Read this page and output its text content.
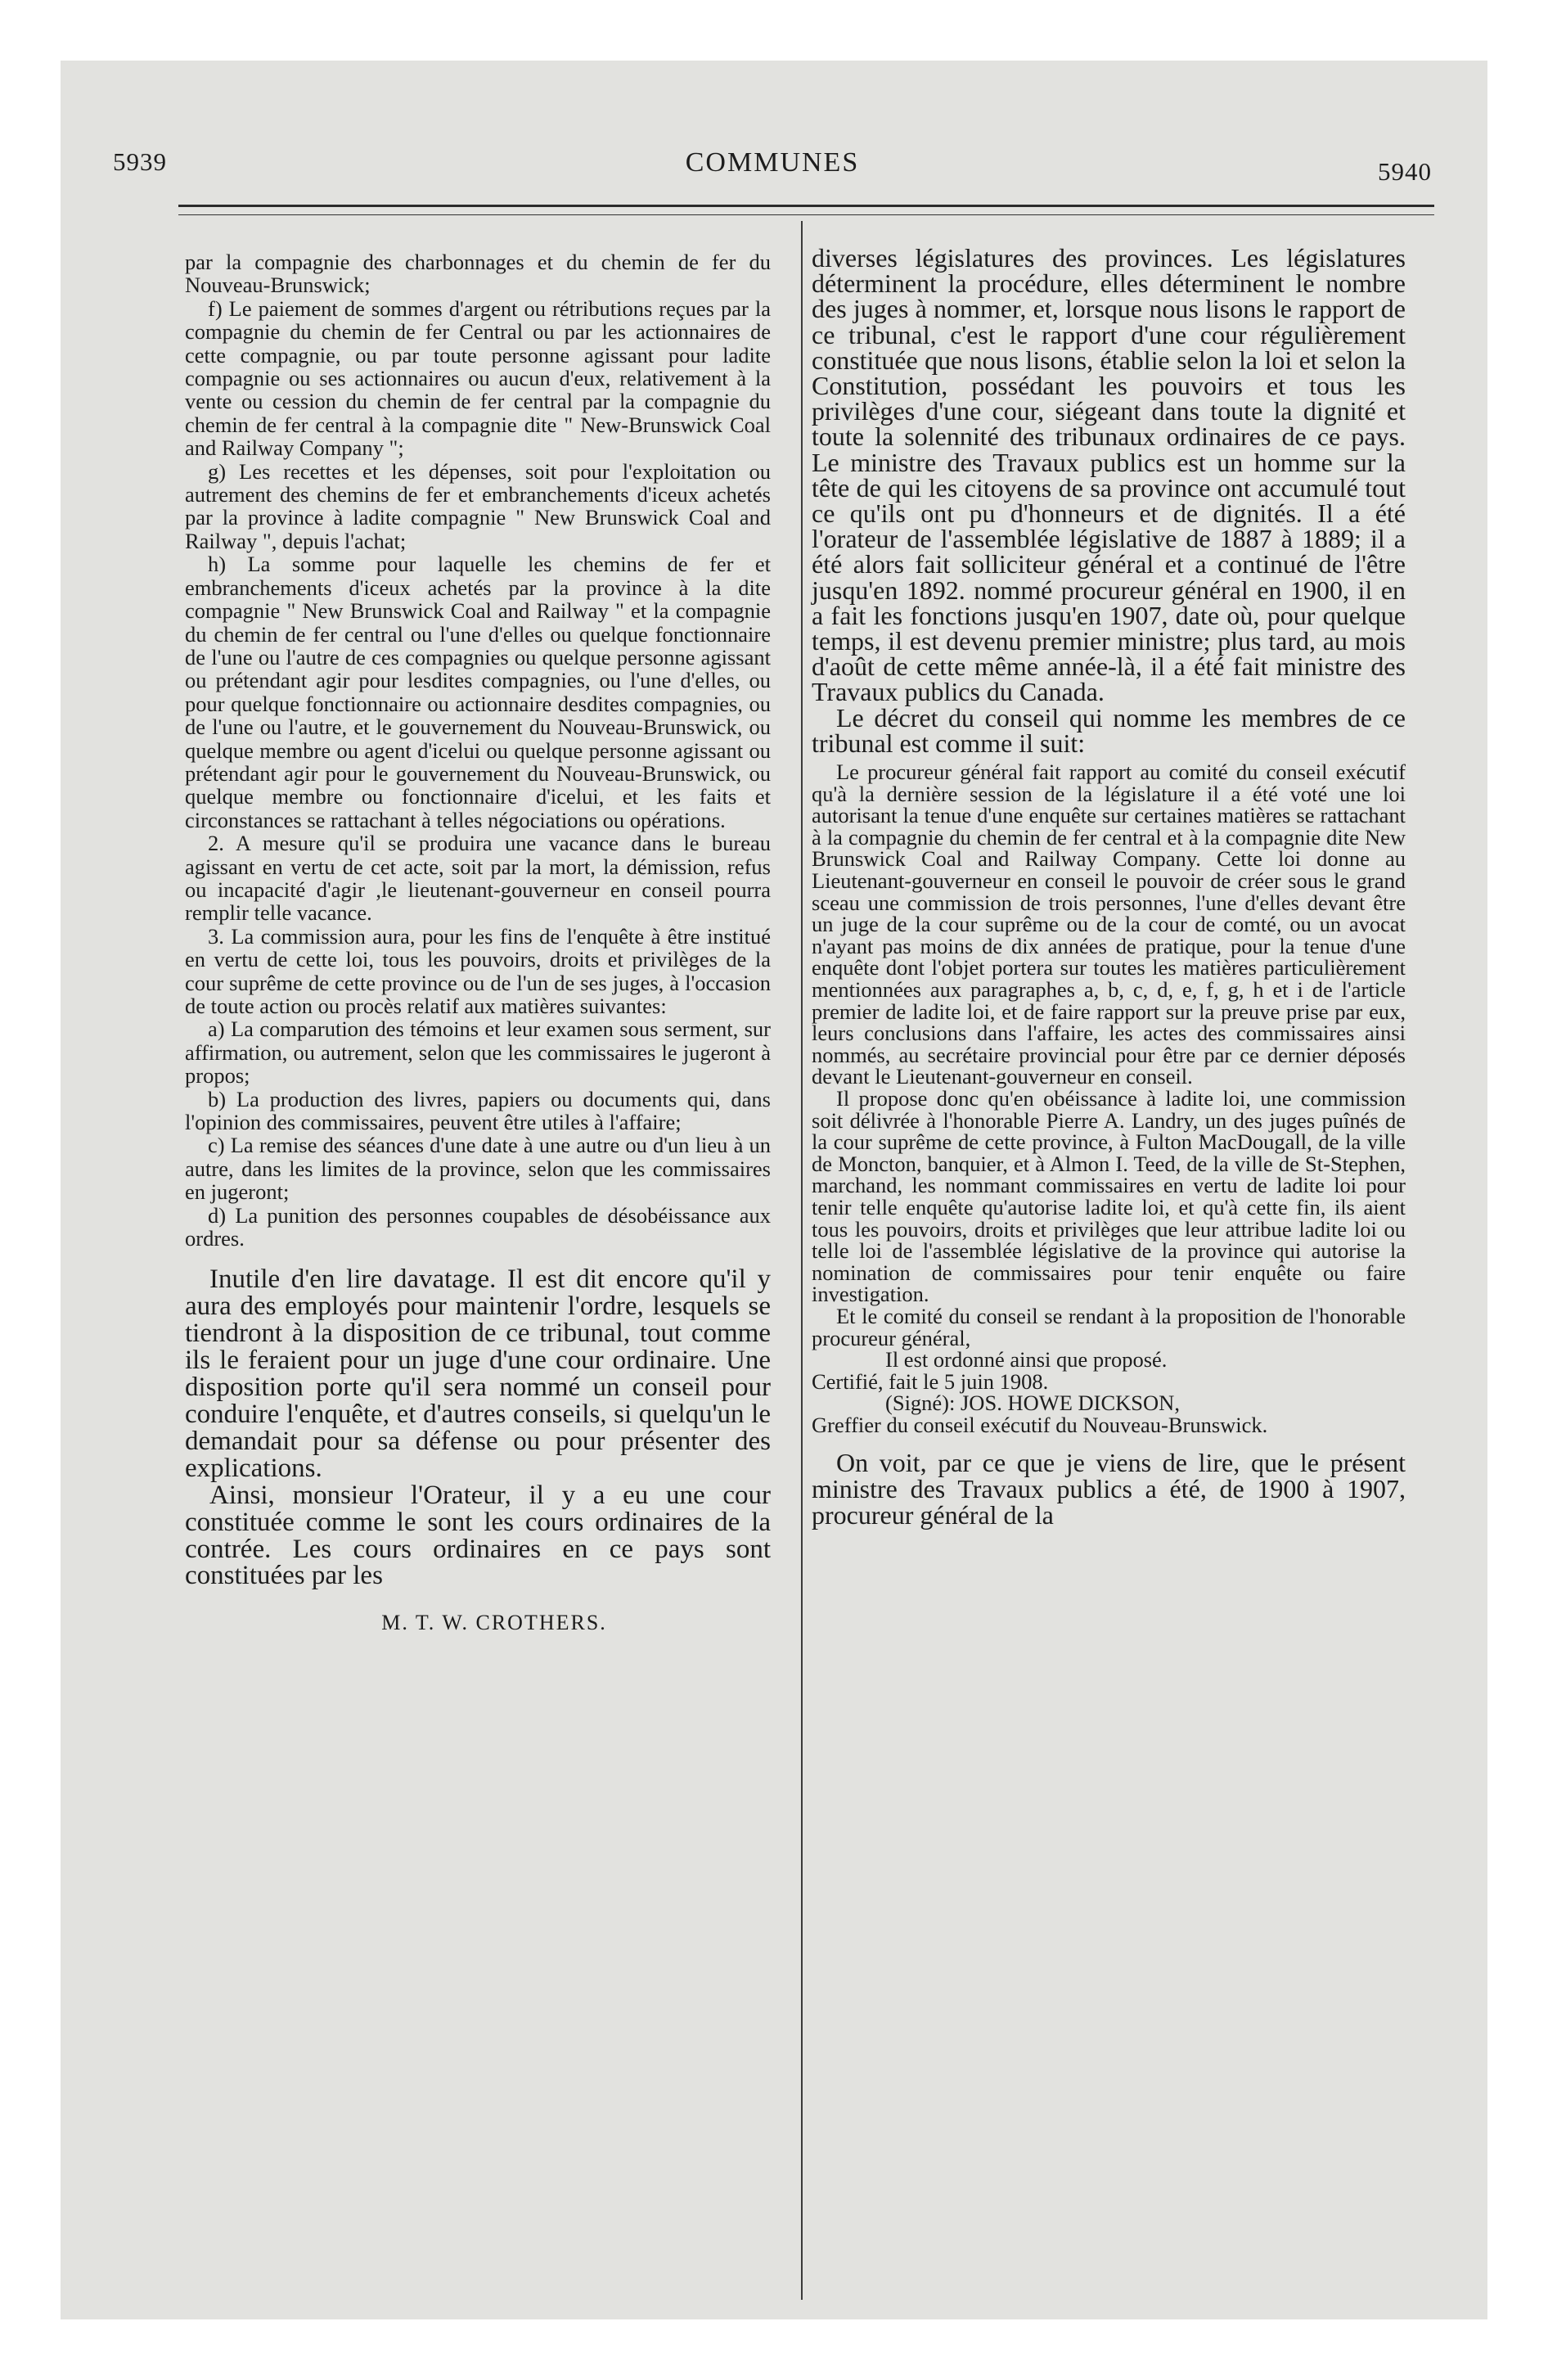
5939	COMMUNES	5940

par la compagnie des charbonnages et du chemin de fer du Nouveau-Brunswick;

f) Le paiement de sommes d'argent ou rétributions reçues par la compagnie du chemin de fer Central ou par les actionnaires de cette compagnie, ou par toute personne agissant pour ladite compagnie ou ses actionnaires ou aucun d'eux, relativement à la vente ou cession du chemin de fer central par la compagnie du chemin de fer central à la compagnie dite " New-Brunswick Coal and Railway Company ";

g) Les recettes et les dépenses, soit pour l'exploitation ou autrement des chemins de fer et embranchements d'iceux achetés par la province à ladite compagnie " New Brunswick Coal and Railway ", depuis l'achat;

h) La somme pour laquelle les chemins de fer et embranchements d'iceux achetés par la province à la dite compagnie " New Brunswick Coal and Railway " et la compagnie du chemin de fer central ou l'une d'elles ou quelque fonctionnaire de l'une ou l'autre de ces compagnies ou quelque personne agissant ou prétendant agir pour lesdites compagnies, ou l'une d'elles, ou pour quelque fonctionnaire ou actionnaire desdites compagnies, ou de l'une ou l'autre, et le gouvernement du Nouveau-Brunswick, ou quelque membre ou agent d'icelui ou quelque personne agissant ou prétendant agir pour le gouvernement du Nouveau-Brunswick, ou quelque membre ou fonctionnaire d'icelui, et les faits et circonstances se rattachant à telles négociations ou opérations.

2. A mesure qu'il se produira une vacance dans le bureau agissant en vertu de cet acte, soit par la mort, la démission, refus ou incapacité d'agir ,le lieutenant-gouverneur en conseil pourra remplir telle vacance.

3. La commission aura, pour les fins de l'enquête à être institué en vertu de cette loi, tous les pouvoirs, droits et privilèges de la cour suprême de cette province ou de l'un de ses juges, à l'occasion de toute action ou procès relatif aux matières suivantes:

a) La comparution des témoins et leur examen sous serment, sur affirmation, ou autrement, selon que les commissaires le jugeront à propos;

b) La production des livres, papiers ou documents qui, dans l'opinion des commissaires, peuvent être utiles à l'affaire;

c) La remise des séances d'une date à une autre ou d'un lieu à un autre, dans les limites de la province, selon que les commissaires en jugeront;

d) La punition des personnes coupables de désobéissance aux ordres.

Inutile d'en lire davatage. Il est dit encore qu'il y aura des employés pour maintenir l'ordre, lesquels se tiendront à la disposition de ce tribunal, tout comme ils le feraient pour un juge d'une cour ordinaire. Une disposition porte qu'il sera nommé un conseil pour conduire l'enquête, et d'autres conseils, si quelqu'un le demandait pour sa défense ou pour présenter des explications.

Ainsi, monsieur l'Orateur, il y a eu une cour constituée comme le sont les cours ordinaires de la contrée. Les cours ordinaires en ce pays sont constituées par les

M. T. W. CROTHERS.

diverses législatures des provinces. Les législatures déterminent la procédure, elles déterminent le nombre des juges à nommer, et, lorsque nous lisons le rapport de ce tribunal, c'est le rapport d'une cour régulièrement constituée que nous lisons, établie selon la loi et selon la Constitution, possédant les pouvoirs et tous les privilèges d'une cour, siégeant dans toute la dignité et toute la solennité des tribunaux ordinaires de ce pays. Le ministre des Travaux publics est un homme sur la tête de qui les citoyens de sa province ont accumulé tout ce qu'ils ont pu d'honneurs et de dignités. Il a été l'orateur de l'assemblée législative de 1887 à 1889; il a été alors fait solliciteur général et a continué de l'être jusqu'en 1892. nommé procureur général en 1900, il en a fait les fonctions jusqu'en 1907, date où, pour quelque temps, il est devenu premier ministre; plus tard, au mois d'août de cette même année-là, il a été fait ministre des Travaux publics du Canada.

Le décret du conseil qui nomme les membres de ce tribunal est comme il suit:

Le procureur général fait rapport au comité du conseil exécutif qu'à la dernière session de la législature il a été voté une loi autorisant la tenue d'une enquête sur certaines matières se rattachant à la compagnie du chemin de fer central et à la compagnie dite New Brunswick Coal and Railway Company. Cette loi donne au Lieutenant-gouverneur en conseil le pouvoir de créer sous le grand sceau une commission de trois personnes, l'une d'elles devant être un juge de la cour suprême ou de la cour de comté, ou un avocat n'ayant pas moins de dix années de pratique, pour la tenue d'une enquête dont l'objet portera sur toutes les matières particulièrement mentionnées aux paragraphes a, b, c, d, e, f, g, h et i de l'article premier de ladite loi, et de faire rapport sur la preuve prise par eux, leurs conclusions dans l'affaire, les actes des commissaires ainsi nommés, au secrétaire provincial pour être par ce dernier déposés devant le Lieutenant-gouverneur en conseil.

Il propose donc qu'en obéissance à ladite loi, une commission soit délivrée à l'honorable Pierre A. Landry, un des juges puînés de la cour suprême de cette province, à Fulton MacDougall, de la ville de Moncton, banquier, et à Almon I. Teed, de la ville de St-Stephen, marchand, les nommant commissaires en vertu de ladite loi pour tenir telle enquête qu'autorise ladite loi, et qu'à cette fin, ils aient tous les pouvoirs, droits et privilèges que leur attribue ladite loi ou telle loi de l'assemblée législative de la province qui autorise la nomination de commissaires pour tenir enquête ou faire investigation.

Et le comité du conseil se rendant à la proposition de l'honorable procureur général,

Il est ordonné ainsi que proposé.

Certifié, fait le 5 juin 1908.

(Signé): JOS. HOWE DICKSON,

Greffier du conseil exécutif du Nouveau-Brunswick.

On voit, par ce que je viens de lire, que le présent ministre des Travaux publics a été, de 1900 à 1907, procureur général de la
